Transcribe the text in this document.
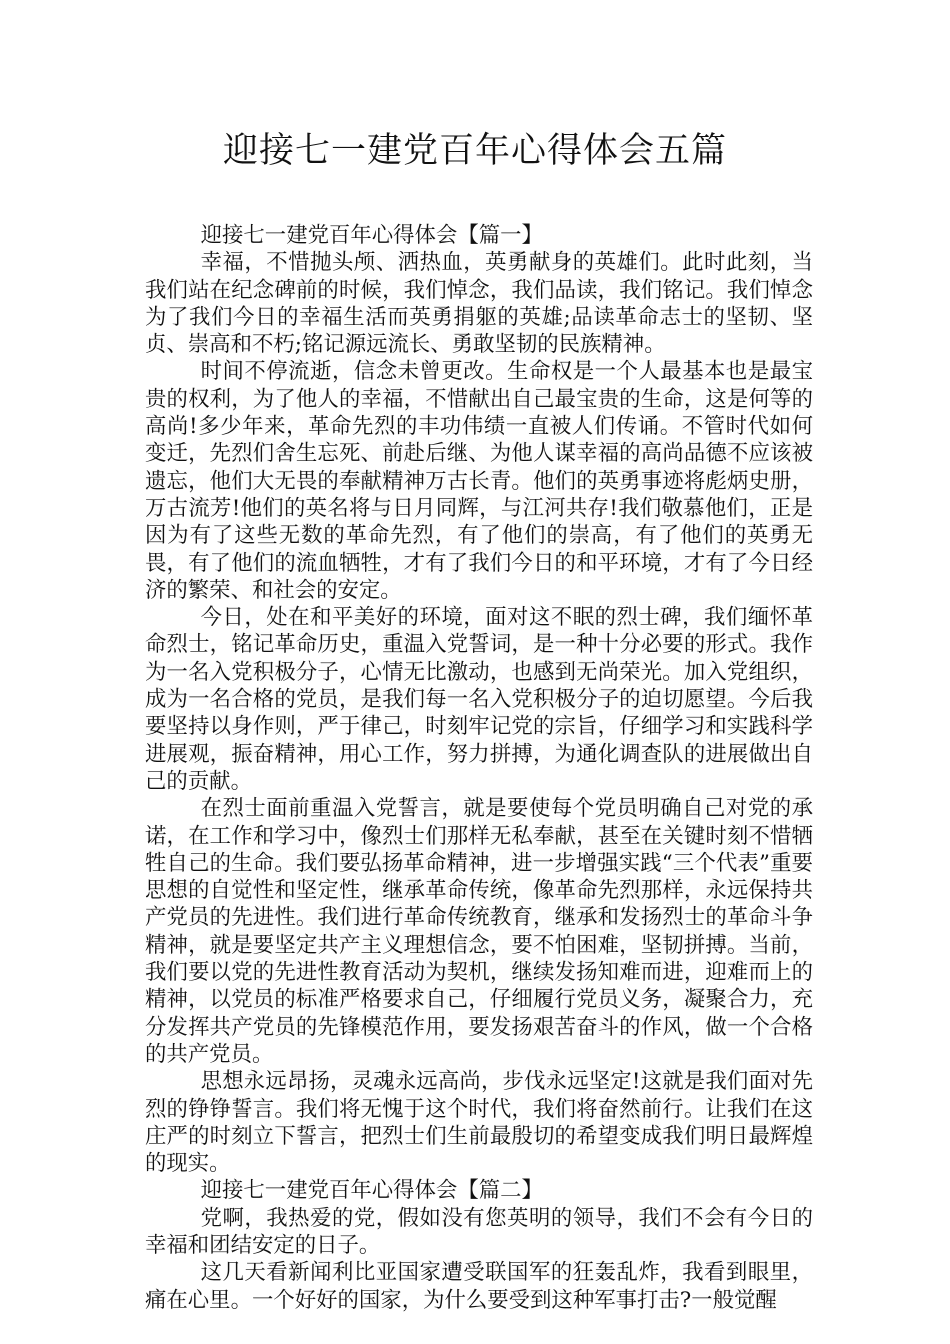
迎接七一建党百年心得体会五篇

迎接七一建党百年心得体会【篇一】

幸福，不惜抛头颅、洒热血，英勇献身的英雄们。此时此刻，当我们站在纪念碑前的时候，我们悼念，我们品读，我们铭记。我们悼念为了我们今日的幸福生活而英勇捐躯的英雄;品读革命志士的坚韧、坚贞、崇高和不朽;铭记源远流长、勇敢坚韧的民族精神。

时间不停流逝，信念未曾更改。生命权是一个人最基本也是最宝贵的权利，为了他人的幸福，不惜献出自己最宝贵的生命，这是何等的高尚!多少年来，革命先烈的丰功伟绩一直被人们传诵。不管时代如何变迁，先烈们舍生忘死、前赴后继、为他人谋幸福的高尚品德不应该被遗忘，他们大无畏的奉献精神万古长青。他们的英勇事迹将彪炳史册，万古流芳!他们的英名将与日月同辉，与江河共存!我们敬慕他们，正是因为有了这些无数的革命先烈，有了他们的崇高，有了他们的英勇无畏，有了他们的流血牺牲，才有了我们今日的和平环境，才有了今日经济的繁荣、和社会的安定。

今日，处在和平美好的环境，面对这不眠的烈士碑，我们缅怀革命烈士，铭记革命历史，重温入党誓词，是一种十分必要的形式。我作为一名入党积极分子，心情无比激动，也感到无尚荣光。加入党组织，成为一名合格的党员，是我们每一名入党积极分子的迫切愿望。今后我要坚持以身作则，严于律己，时刻牢记党的宗旨，仔细学习和实践科学进展观，振奋精神，用心工作，努力拼搏，为通化调查队的进展做出自己的贡献。

在烈士面前重温入党誓言，就是要使每个党员明确自己对党的承诺，在工作和学习中，像烈士们那样无私奉献，甚至在关键时刻不惜牺牲自己的生命。我们要弘扬革命精神，进一步增强实践“三个代表”重要思想的自觉性和坚定性，继承革命传统，像革命先烈那样，永远保持共产党员的先进性。我们进行革命传统教育，继承和发扬烈士的革命斗争精神，就是要坚定共产主义理想信念，要不怕困难，坚韧拼搏。当前，我们要以党的先进性教育活动为契机，继续发扬知难而进，迎难而上的精神，以党员的标准严格要求自己，仔细履行党员义务，凝聚合力，充分发挥共产党员的先锋模范作用，要发扬艰苦奋斗的作风，做一个合格的共产党员。

思想永远昂扬，灵魂永远高尚，步伐永远坚定!这就是我们面对先烈的铮铮誓言。我们将无愧于这个时代，我们将奋然前行。让我们在这庄严的时刻立下誓言，把烈士们生前最殷切的希望变成我们明日最辉煌的现实。

迎接七一建党百年心得体会【篇二】

党啊，我热爱的党，假如没有您英明的领导，我们不会有今日的幸福和团结安定的日子。

这几天看新闻利比亚国家遭受联国军的狂轰乱炸，我看到眼里，痛在心里。一个好好的国家，为什么要受到这种军事打击?一般觉醒
